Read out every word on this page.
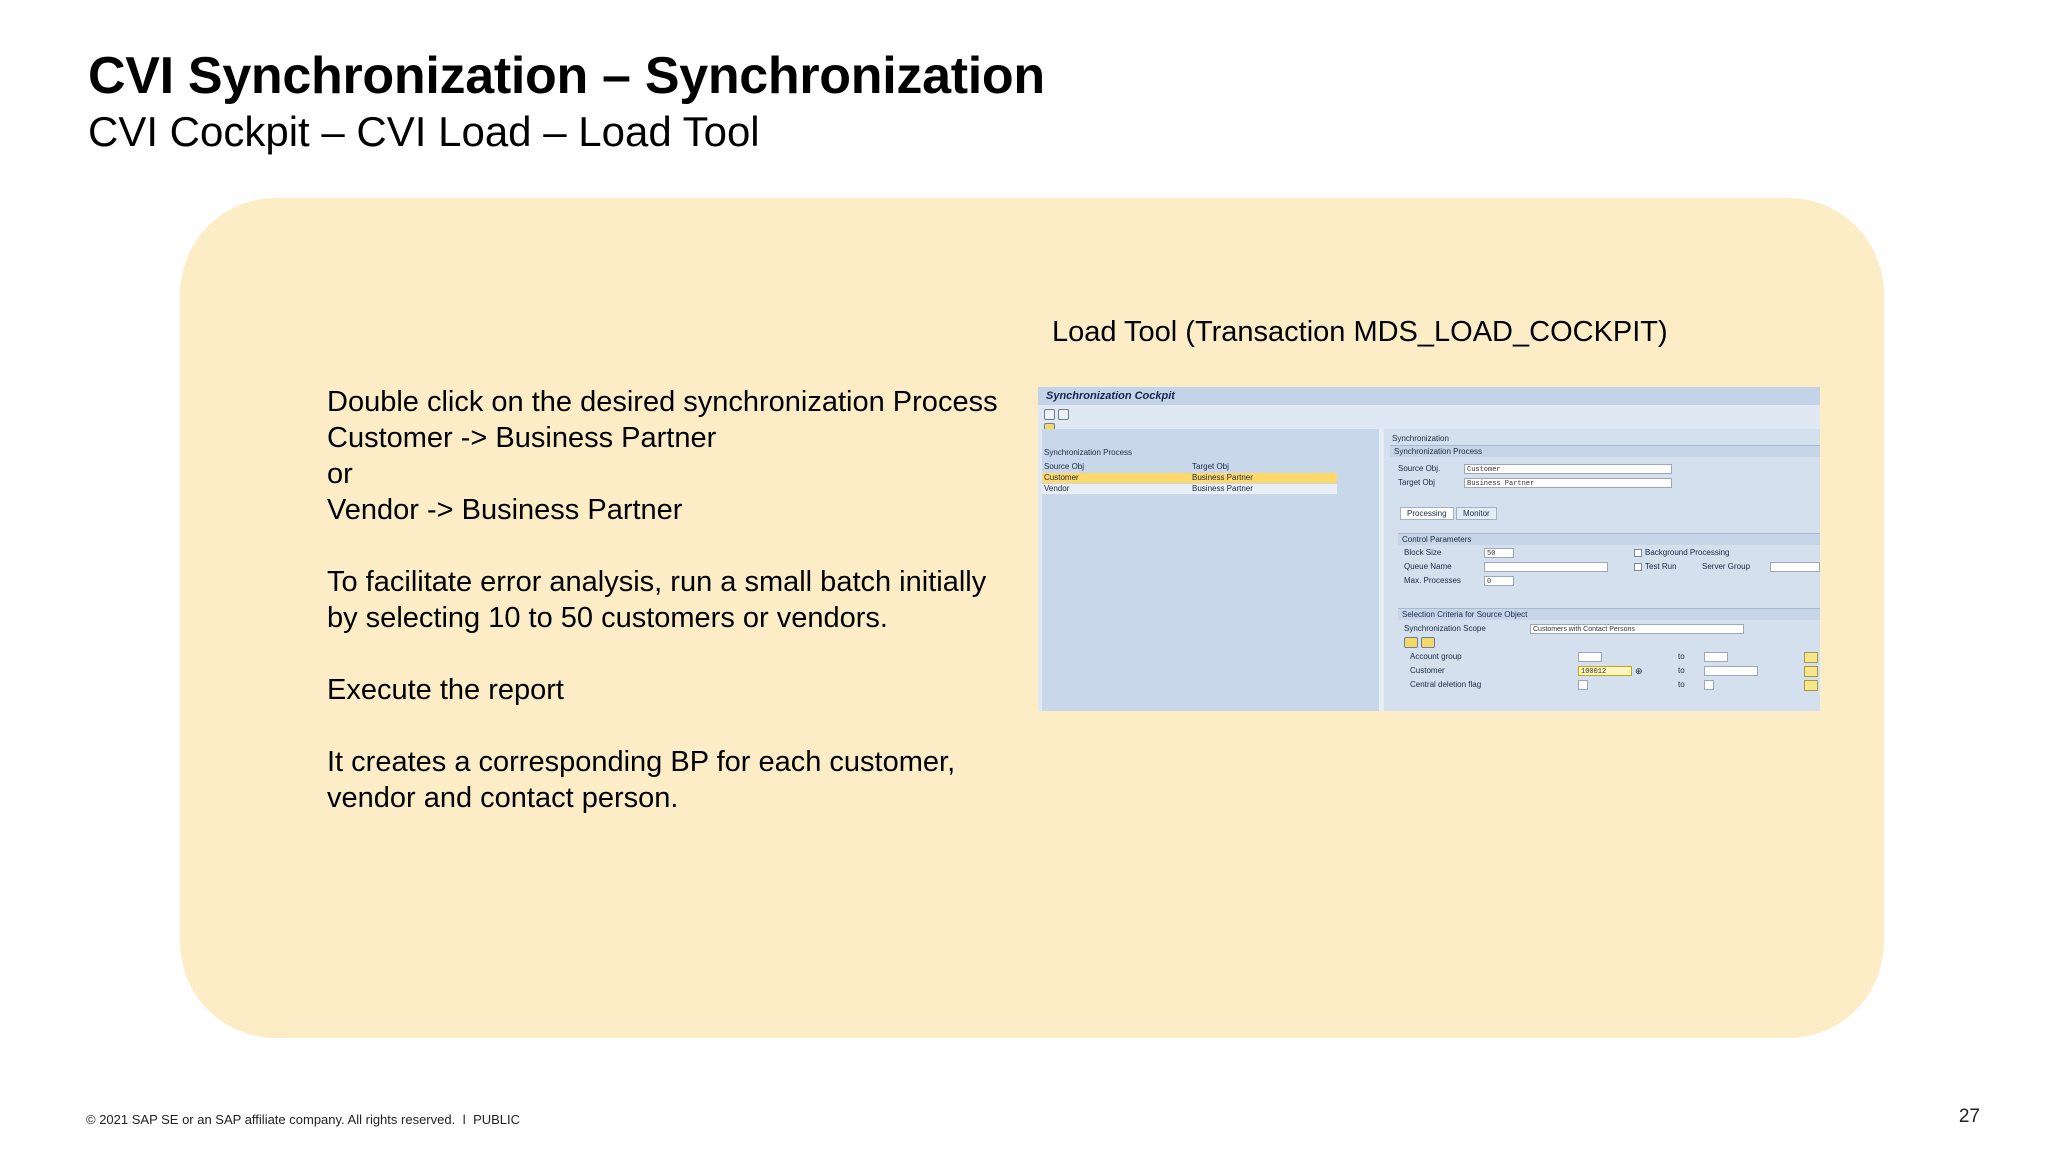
CVI Synchronization – Synchronization
CVI Cockpit – CVI Load – Load Tool

Double click on the desired synchronization Process
Customer -> Business Partner
or
Vendor -> Business Partner

To facilitate error analysis, run a small batch initially
by selecting 10 to 50 customers or vendors.

Execute the report

It creates a corresponding BP for each customer,
vendor and contact person.

Load Tool (Transaction MDS_LOAD_COCKPIT)
Synchronization Cockpit
Synchronization Process
Source Obj	Target Obj
Customer	Business Partner
Vendor	Business Partner
Synchronization
Synchronization Process
Source Obj.	Customer
Target Obj	Business Partner
Processing	Monitor
Control Parameters
Block Size	50
Queue Name
Max. Processes	0
Background Processing
Test Run	Server Group
Selection Criteria for Source Object
Synchronization Scope	Customers with Contact Persons
Account group	to
Customer	100012	⊕	to
Central deletion flag	to
© 2021 SAP SE or an SAP affiliate company. All rights reserved. ǀ PUBLIC	27
